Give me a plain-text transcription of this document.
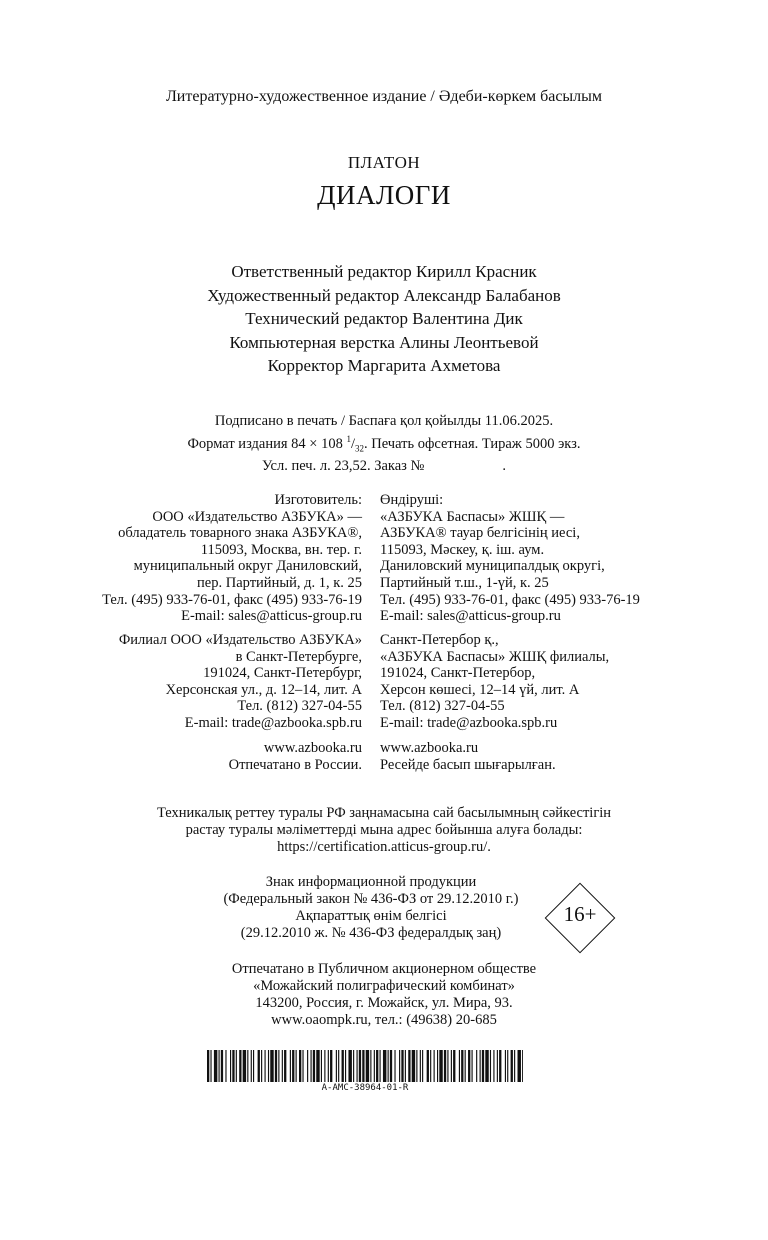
Литературно-художественное издание / Әдеби-көркем басылым
ПЛАТОН
ДИАЛОГИ
Ответственный редактор Кирилл Красник
Художественный редактор Александр Балабанов
Технический редактор Валентина Дик
Компьютерная верстка Алины Леонтьевой
Корректор Маргарита Ахметова
Подписано в печать / Баспаға қол қойылды 11.06.2025.
Формат издания 84 × 108 $^1/_{32}$. Печать офсетная. Тираж 5000 экз.
Усл. печ. л. 23,52. Заказ №	.
Изготовитель:
ООО «Издательство АЗБУКА» —
обладатель товарного знака АЗБУКА®,
115093, Москва, вн. тер. г.
муниципальный округ Даниловский,
пер. Партийный, д. 1, к. 25
Тел. (495) 933-76-01, факс (495) 933-76-19
E-mail: sales@atticus-group.ru
Өндіруші:
«АЗБУКА Баспасы» ЖШҚ —
АЗБУКА® тауар белгісінің иесі,
115093, Мәскеу, қ. іш. аум.
Даниловский муниципалдық округі,
Партийный т.ш., 1-үй, к. 25
Тел. (495) 933-76-01, факс (495) 933-76-19
E-mail: sales@atticus-group.ru
Филиал ООО «Издательство АЗБУКА»
в Санкт-Петербурге,
191024, Санкт-Петербург,
Херсонская ул., д. 12–14, лит. А
Тел. (812) 327-04-55
E-mail: trade@azbooka.spb.ru
Санкт-Петербор қ.,
«АЗБУКА Баспасы» ЖШҚ филиалы,
191024, Санкт-Петербор,
Херсон көшесі, 12–14 үй, лит. А
Тел. (812) 327-04-55
E-mail: trade@azbooka.spb.ru
www.azbooka.ru
Отпечатано в России.
www.azbooka.ru
Ресейде басып шығарылған.
Техникалық реттеу туралы РФ заңнамасына сай басылымның сәйкестігін
растау туралы мәліметтерді мына адрес бойынша алуға болады:
https://certification.atticus-group.ru/.
Знак информационной продукции
(Федеральный закон № 436-ФЗ от 29.12.2010 г.)
Ақпараттық өнім белгісі
(29.12.2010 ж. № 436-ФЗ федералдық заң)
16+
Отпечатано в Публичном акционерном обществе
«Можайский полиграфический комбинат»
143200, Россия, г. Можайск, ул. Мира, 93.
www.oaompk.ru, тел.: (49638) 20-685
А-АМС-38964-01-R
